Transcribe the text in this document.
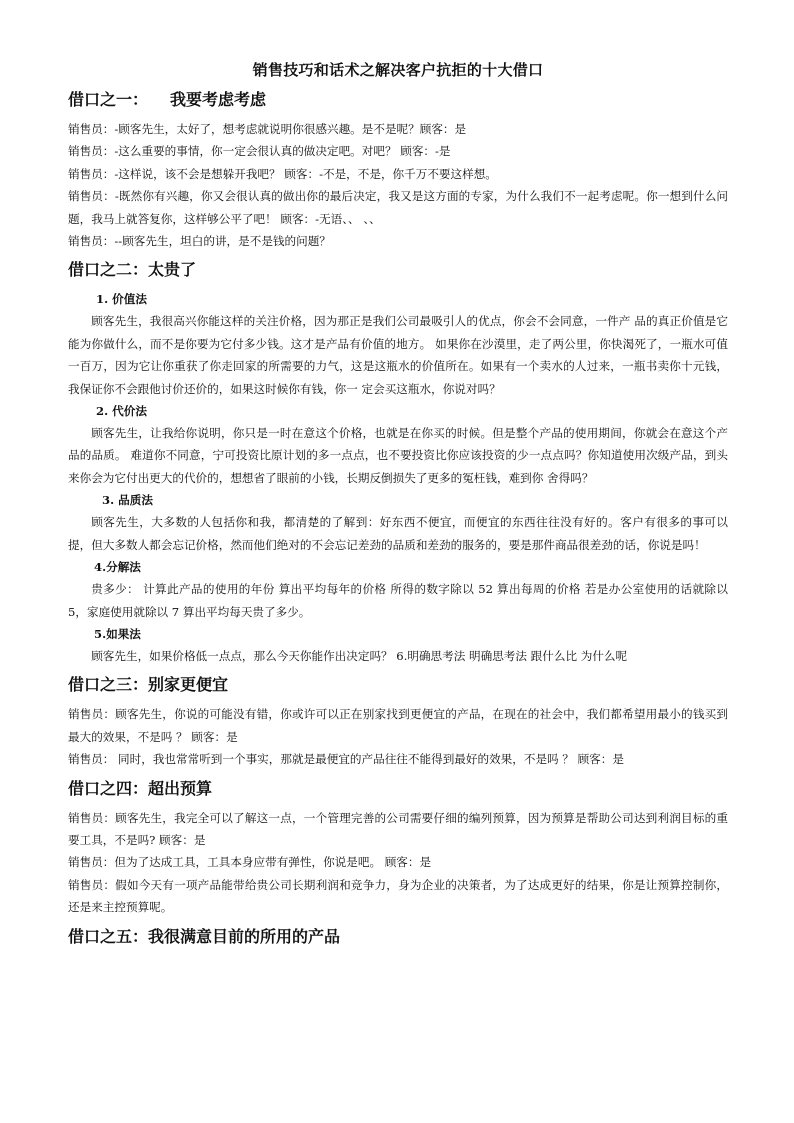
销售技巧和话术之解决客户抗拒的十大借口
借口之一： 我要考虑考虑

销售员：-顾客先生，太好了，想考虑就说明你很感兴趣。是不是呢？顾客：是

销售员：-这么重要的事情，你一定会很认真的做决定吧。对吧？ 顾客：-是

销售员：-这样说，该不会是想躲开我吧？ 顾客：-不是，不是，你千万不要这样想。

销售员：-既然你有兴趣，你又会很认真的做出你的最后决定，我又是这方面的专家，为什么我们不一起考虑呢。你一想到什么问题，我马上就答复你，这样够公平了吧！ 顾客：-无语、、 、、

销售员：--顾客先生，坦白的讲，是不是钱的问题？

借口之二：太贵了
1. 价值法

顾客先生，我很高兴你能这样的关注价格，因为那正是我们公司最吸引人的优点，你会不会同意，一件产 品的真正价值是它能为你做什么，而不是你要为它付多少钱。这才是产品有价值的地方。 如果你在沙漠里，走了两公里，你快渴死了，一瓶水可值一百万，因为它让你重获了你走回家的所需要的力气，这是这瓶水的价值所在。如果有一个卖水的人过来，一瓶书卖你十元钱，我保证你不会跟他讨价还价的，如果这时候你有钱，你一 定会买这瓶水，你说对吗？

2. 代价法

顾客先生，让我给你说明，你只是一时在意这个价格，也就是在你买的时候。但是整个产品的使用期间，你就会在意这个产品的品质。 难道你不同意，宁可投资比原计划的多一点点，也不要投资比你应该投资的少一点点吗？你知道使用次级产品，到头来你会为它付出更大的代价的，想想省了眼前的小钱，长期反倒损失了更多的冤枉钱，难到你 舍得吗？

3. 品质法

顾客先生，大多数的人包括你和我，都清楚的了解到：好东西不便宜，而便宜的东西往往没有好的。客户有很多的事可以提，但大多数人都会忘记价格，然而他们绝对的不会忘记差劲的品质和差劲的服务的，要是那件商品很差劲的话，你说是吗！

4.分解法

贵多少： 计算此产品的使用的年份 算出平均每年的价格 所得的数字除以 52 算出每周的价格 若是办公室使用的话就除以 5，家庭使用就除以 7 算出平均每天贵了多少。

5.如果法

顾客先生，如果价格低一点点，那么今天你能作出决定吗？ 6.明确思考法 明确思考法 跟什么比 为什么呢

借口之三：别家更便宜

销售员：顾客先生，你说的可能没有错，你或许可以正在别家找到更便宜的产品，在现在的社会中，我们都希望用最小的钱买到最大的效果，不是吗 ？ 顾客：是

销售员： 同时，我也常常听到一个事实，那就是最便宜的产品往往不能得到最好的效果，不是吗 ？ 顾客：是

借口之四：超出预算

销售员：顾客先生，我完全可以了解这一点，一个管理完善的公司需要仔细的编列预算，因为预算是帮助公司达到利润目标的重要工具，不是吗? 顾客：是

销售员：但为了达成工具，工具本身应带有弹性，你说是吧。 顾客：是

销售员：假如今天有一项产品能带给贵公司长期利润和竞争力，身为企业的决策者，为了达成更好的结果，你是让预算控制你，还是来主控预算呢。

借口之五：我很满意目前的所用的产品
